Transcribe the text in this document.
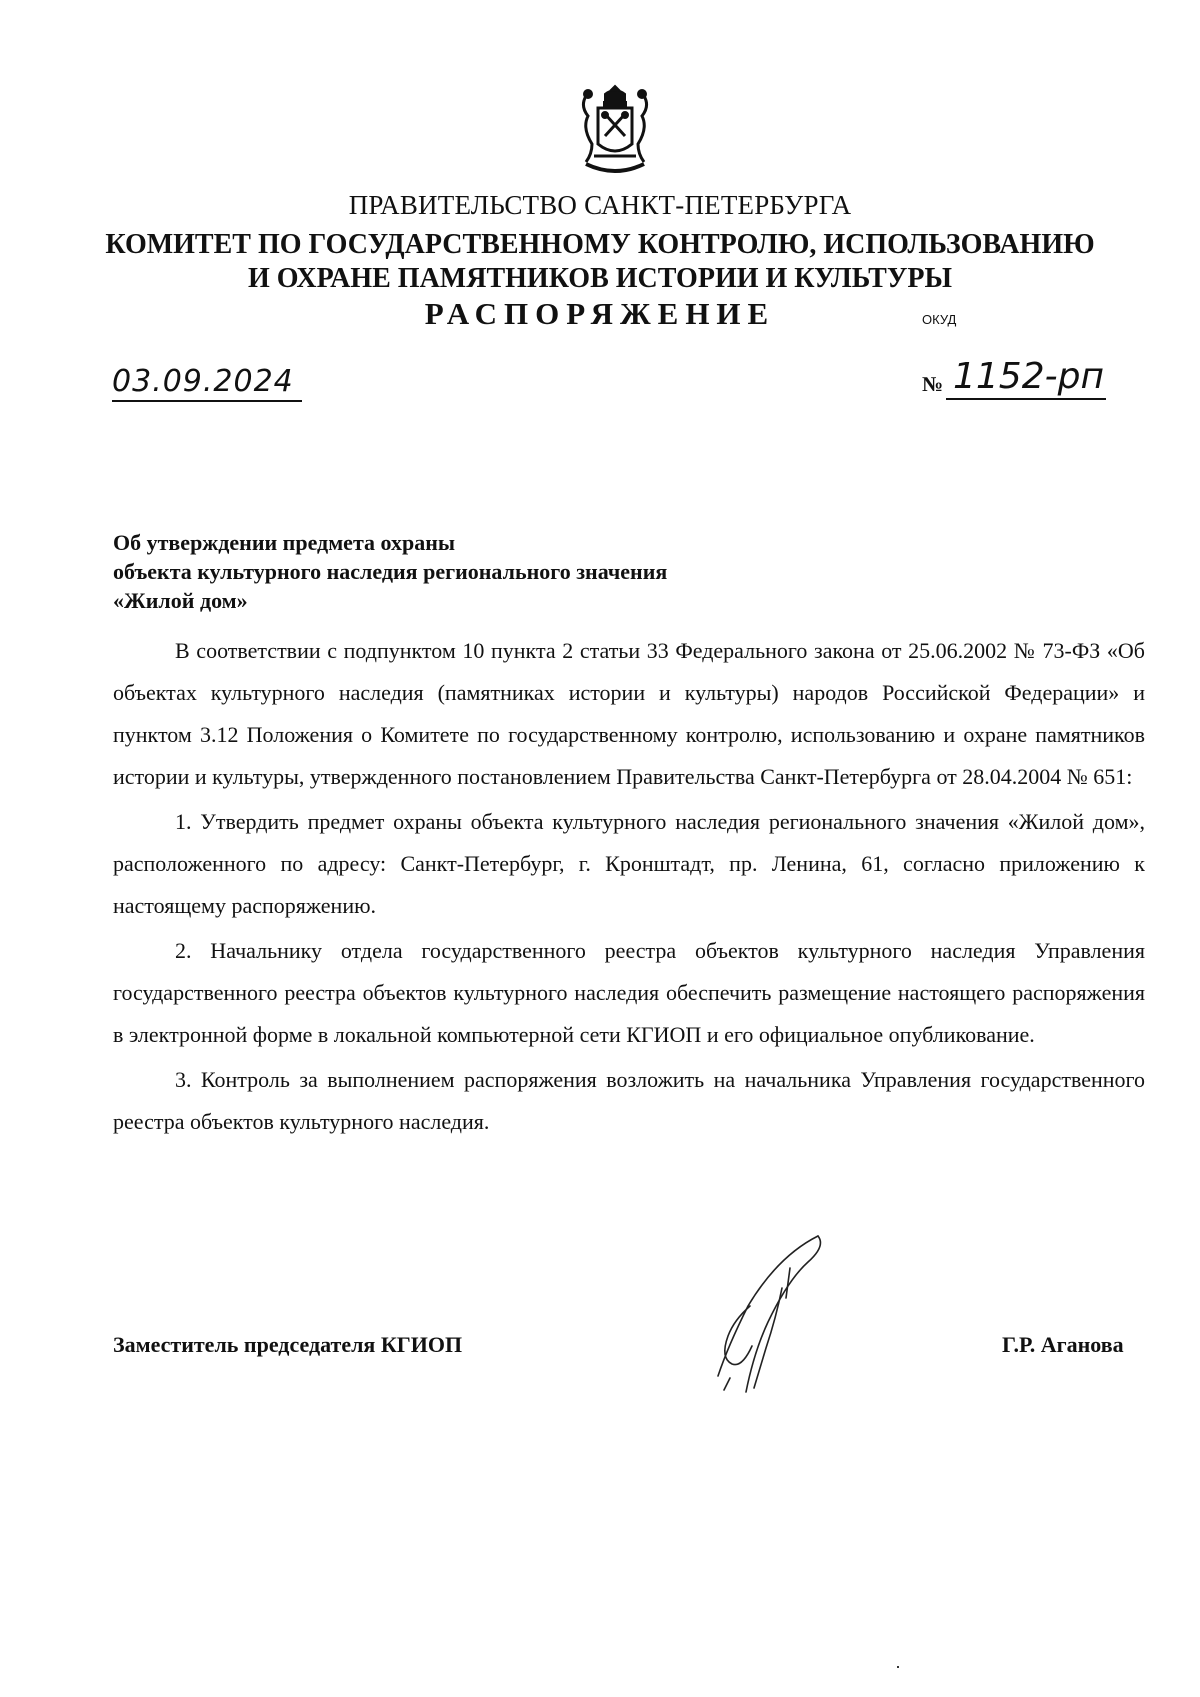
ПРАВИТЕЛЬСТВО САНКТ-ПЕТЕРБУРГА
КОМИТЕТ ПО ГОСУДАРСТВЕННОМУ КОНТРОЛЮ, ИСПОЛЬЗОВАНИЮ
И ОХРАНЕ ПАМЯТНИКОВ ИСТОРИИ И КУЛЬТУРЫ
РАСПОРЯЖЕНИЕ	ОКУД
03.09.2024	№ 1152-рп
Об утверждении предмета охраны
объекта культурного наследия регионального значения
«Жилой дом»

В соответствии с подпунктом 10 пункта 2 статьи 33 Федерального закона от 25.06.2002 № 73-ФЗ «Об объектах культурного наследия (памятниках истории и культуры) народов Российской Федерации» и пунктом 3.12 Положения о Комитете по государственному контролю, использованию и охране памятников истории и культуры, утвержденного постановлением Правительства Санкт-Петербурга от 28.04.2004 № 651:

1. Утвердить предмет охраны объекта культурного наследия регионального значения «Жилой дом», расположенного по адресу: Санкт-Петербург, г. Кронштадт, пр. Ленина, 61, согласно приложению к настоящему распоряжению.

2. Начальнику отдела государственного реестра объектов культурного наследия Управления государственного реестра объектов культурного наследия обеспечить размещение настоящего распоряжения в электронной форме в локальной компьютерной сети КГИОП и его официальное опубликование.

3. Контроль за выполнением распоряжения возложить на начальника Управления государственного реестра объектов культурного наследия.

Заместитель председателя КГИОП	Г.Р. Аганова
